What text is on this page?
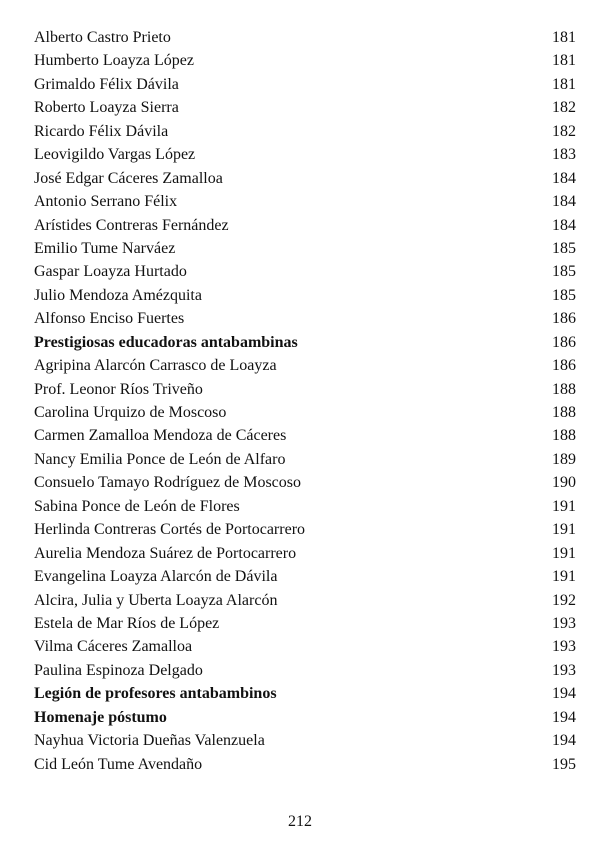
Alberto Castro Prieto	181
Humberto Loayza López	181
Grimaldo Félix Dávila	181
Roberto Loayza Sierra	182
Ricardo Félix Dávila	182
Leovigildo Vargas López	183
José Edgar Cáceres Zamalloa	184
Antonio Serrano Félix	184
Arístides Contreras Fernández	184
Emilio Tume Narváez	185
Gaspar Loayza Hurtado	185
Julio Mendoza Amézquita	185
Alfonso Enciso Fuertes	186
Prestigiosas educadoras antabambinas	186
Agripina Alarcón Carrasco de Loayza	186
Prof. Leonor Ríos Triveño	188
Carolina Urquizo de Moscoso	188
Carmen Zamalloa Mendoza de Cáceres	188
Nancy Emilia Ponce de León de Alfaro	189
Consuelo Tamayo Rodríguez de Moscoso	190
Sabina Ponce de León de Flores	191
Herlinda Contreras Cortés de Portocarrero	191
Aurelia Mendoza Suárez de Portocarrero	191
Evangelina Loayza Alarcón de Dávila	191
Alcira, Julia y Uberta Loayza Alarcón	192
Estela de Mar Ríos de López	193
Vilma Cáceres Zamalloa	193
Paulina Espinoza Delgado	193
Legión de profesores antabambinos	194
Homenaje póstumo	194
Nayhua Victoria Dueñas Valenzuela	194
Cid León Tume Avendaño	195
212
